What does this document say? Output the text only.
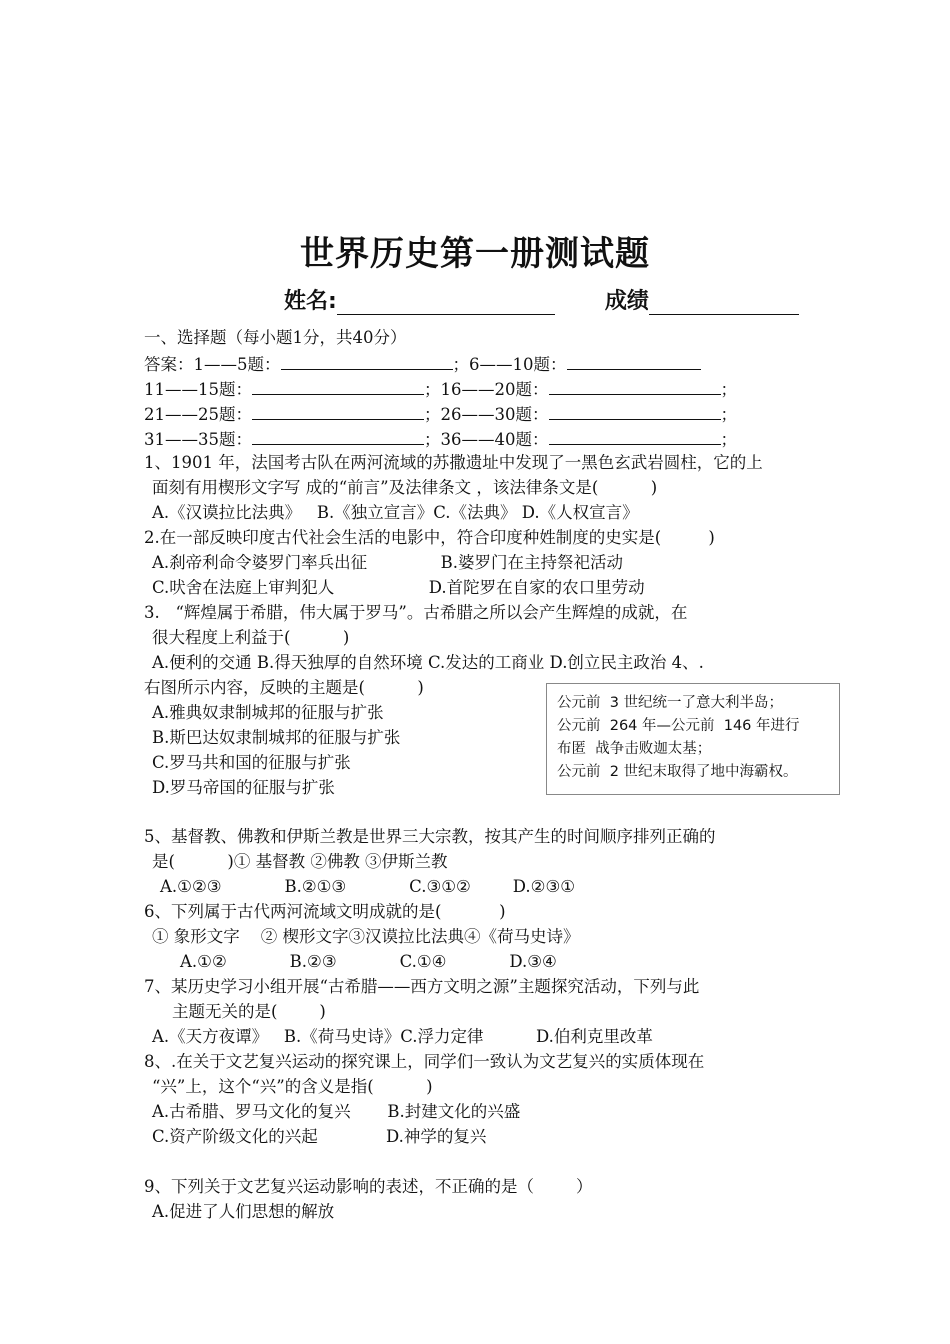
世界历史第一册测试题
姓名:	成绩
一、选择题（每小题1分，共40分）
答案：1——5题：	；6——10题：
11——15题：	；16——20题：	；
21——25题：	；26——30题：	；
31——35题：	；36——40题：	；
1、1901 年，法国考古队在两河流域的苏撒遗址中发现了一黑色玄武岩圆柱，它的上
面刻有用楔形文字写 成的“前言”及法律条文 ，该法律条文是(          )
A.《汉谟拉比法典》   B.《独立宣言》C.《法典》 D.《人权宣言》
2.在一部反映印度古代社会生活的电影中，符合印度种姓制度的史实是(         )
A.刹帝利命令婆罗门率兵出征              B.婆罗门在主持祭祀活动
C.吠舍在法庭上审判犯人                  D.首陀罗在自家的农口里劳动
3.   “辉煌属于希腊，伟大属于罗马”。古希腊之所以会产生辉煌的成就，在
很大程度上利益于(          )
A.便利的交通 B.得天独厚的自然环境 C.发达的工商业 D.创立民主政治 4、.
右图所示内容，反映的主题是(          )
A.雅典奴隶制城邦的征服与扩张
B.斯巴达奴隶制城邦的征服与扩张
C.罗马共和国的征服与扩张
D.罗马帝国的征服与扩张
公元前  3 世纪统一了意大利半岛；
公元前  264 年—公元前  146 年进行
布匿  战争击败迦太基；
公元前  2 世纪末取得了地中海霸权。
5、基督教、佛教和伊斯兰教是世界三大宗教，按其产生的时间顺序排列正确的
是(          )① 基督教 ②佛教 ③伊斯兰教
A.①②③            B.②①③            C.③①②        D.②③①
6、下列属于古代两河流域文明成就的是(           )
① 象形文字    ② 楔形文字③汉谟拉比法典④《荷马史诗》
A.①②            B.②③            C.①④            D.③④
7、某历史学习小组开展“古希腊——西方文明之源”主题探究活动，下列与此
主题无关的是(        )
A.《天方夜谭》   B.《荷马史诗》C.浮力定律          D.伯利克里改革
8、.在关于文艺复兴运动的探究课上，同学们一致认为文艺复兴的实质体现在
“兴”上，这个“兴”的含义是指(          )
A.古希腊、罗马文化的复兴       B.封建文化的兴盛
C.资产阶级文化的兴起             D.神学的复兴
9、下列关于文艺复兴运动影响的表述，不正确的是（        ）
A.促进了人们思想的解放
